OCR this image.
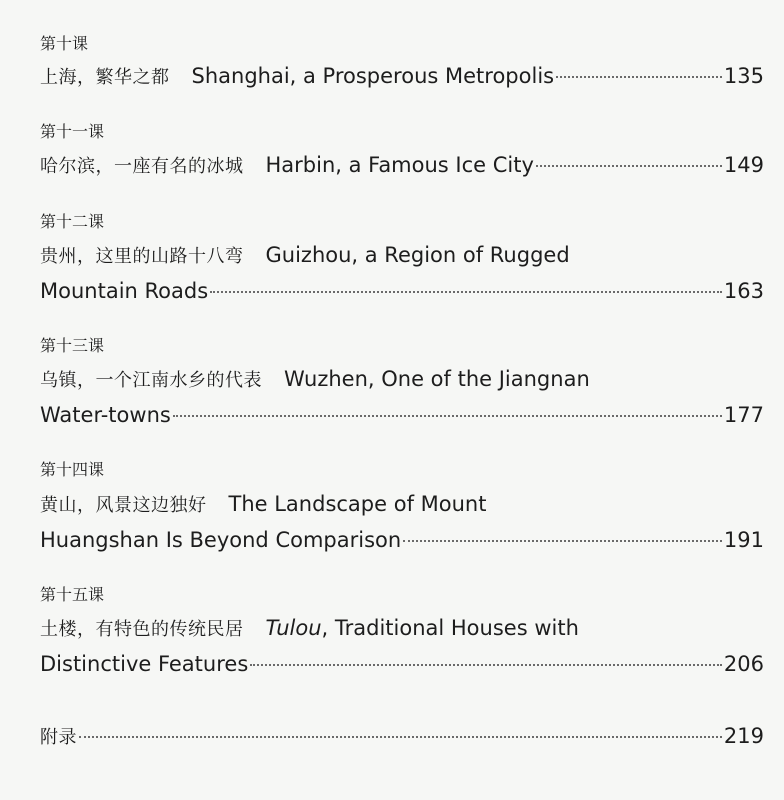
第十课
上海，繁华之都 Shanghai, a Prosperous Metropolis	135
第十一课
哈尔滨，一座有名的冰城 Harbin, a Famous Ice City	149
第十二课
贵州，这里的山路十八弯 Guizhou, a Region of Rugged
Mountain Roads	163
第十三课
乌镇，一个江南水乡的代表 Wuzhen, One of the Jiangnan
Water-towns	177
第十四课
黄山，风景这边独好 The Landscape of Mount
Huangshan Is Beyond Comparison	191
第十五课
土楼，有特色的传统民居 Tulou, Traditional Houses with
Distinctive Features	206
附录	219
